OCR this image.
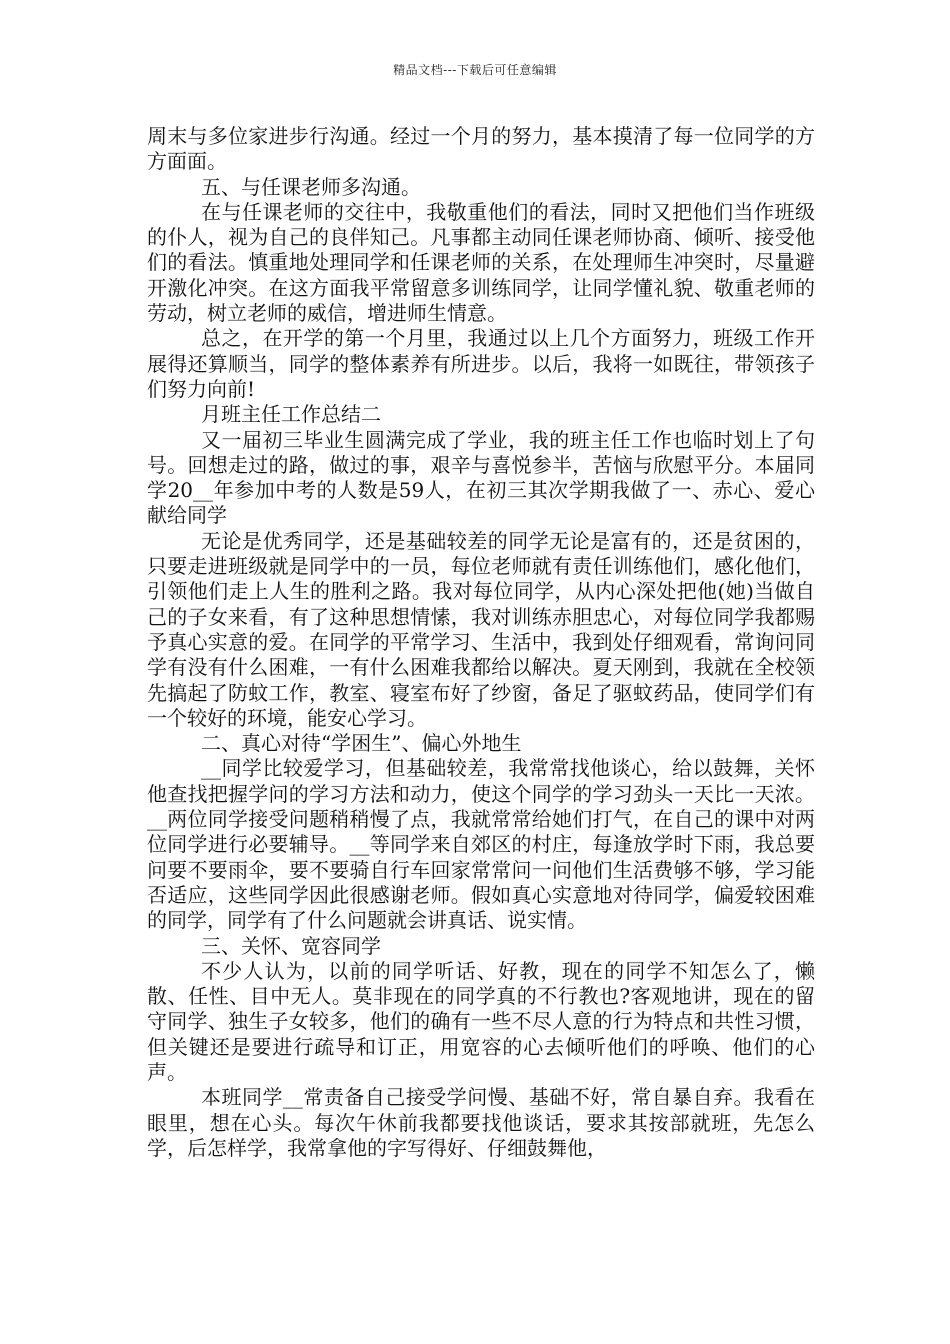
精品文档---下载后可任意编辑

周末与多位家进步行沟通。经过一个月的努力，基本摸清了每一位同学的方方面面。

五、与任课老师多沟通。

在与任课老师的交往中，我敬重他们的看法，同时又把他们当作班级的仆人，视为自己的良伴知己。凡事都主动同任课老师协商、倾听、接受他们的看法。慎重地处理同学和任课老师的关系，在处理师生冲突时，尽量避开激化冲突。在这方面我平常留意多训练同学，让同学懂礼貌、敬重老师的劳动，树立老师的威信，增进师生情意。

总之，在开学的第一个月里，我通过以上几个方面努力，班级工作开展得还算顺当，同学的整体素养有所进步。以后，我将一如既往，带领孩子们努力向前!

月班主任工作总结二

又一届初三毕业生圆满完成了学业，我的班主任工作也临时划上了句号。回想走过的路，做过的事，艰辛与喜悦参半，苦恼与欣慰平分。本届同学20__年参加中考的人数是59人，在初三其次学期我做了一、赤心、爱心献给同学

无论是优秀同学，还是基础较差的同学无论是富有的，还是贫困的，只要走进班级就是同学中的一员，每位老师就有责任训练他们，感化他们，引领他们走上人生的胜利之路。我对每位同学，从内心深处把他(她)当做自己的子女来看，有了这种思想情愫，我对训练赤胆忠心，对每位同学我都赐予真心实意的爱。在同学的平常学习、生活中，我到处仔细观看，常询问同学有没有什么困难，一有什么困难我都给以解决。夏天刚到，我就在全校领先搞起了防蚊工作，教室、寝室布好了纱窗，备足了驱蚊药品，使同学们有一个较好的环境，能安心学习。

二、真心对待“学困生”、偏心外地生

__同学比较爱学习，但基础较差，我常常找他谈心，给以鼓舞，关怀他查找把握学问的学习方法和动力，使这个同学的学习劲头一天比一天浓。__两位同学接受问题稍稍慢了点，我就常常给她们打气，在自己的课中对两位同学进行必要辅导。__等同学来自郊区的村庄，每逢放学时下雨，我总要问要不要雨伞，要不要骑自行车回家常常问一问他们生活费够不够，学习能否适应，这些同学因此很感谢老师。假如真心实意地对待同学，偏爱较困难的同学，同学有了什么问题就会讲真话、说实情。

三、关怀、宽容同学

不少人认为，以前的同学听话、好教，现在的同学不知怎么了，懒散、任性、目中无人。莫非现在的同学真的不行教也?客观地讲，现在的留守同学、独生子女较多，他们的确有一些不尽人意的行为特点和共性习惯，但关键还是要进行疏导和订正，用宽容的心去倾听他们的呼唤、他们的心声。

本班同学__常责备自己接受学问慢、基础不好，常自暴自弃。我看在眼里，想在心头。每次午休前我都要找他谈话，要求其按部就班，先怎么学，后怎样学，我常拿他的字写得好、仔细鼓舞他，
